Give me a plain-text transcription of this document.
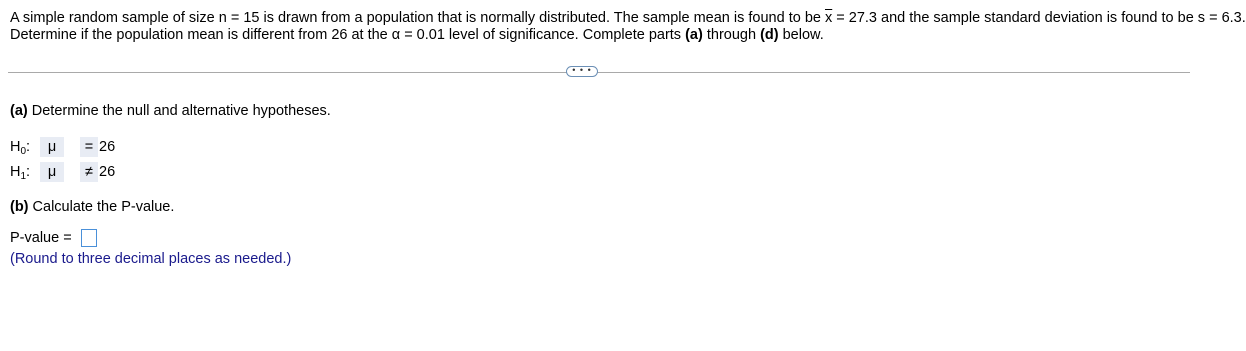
A simple random sample of size n = 15 is drawn from a population that is normally distributed. The sample mean is found to be $\overline{x} = 27.3$ and the sample standard deviation is found to be s = 6.3.
Determine if the population mean is different from 26 at the α = 0.01 level of significance. Complete parts (a) through (d) below.
• • •
(a) Determine the null and alternative hypotheses.
$H_0$:	μ	= 26
$H_1$:	μ	≠ 26
(b) Calculate the P-value.
P-value =
(Round to three decimal places as needed.)
